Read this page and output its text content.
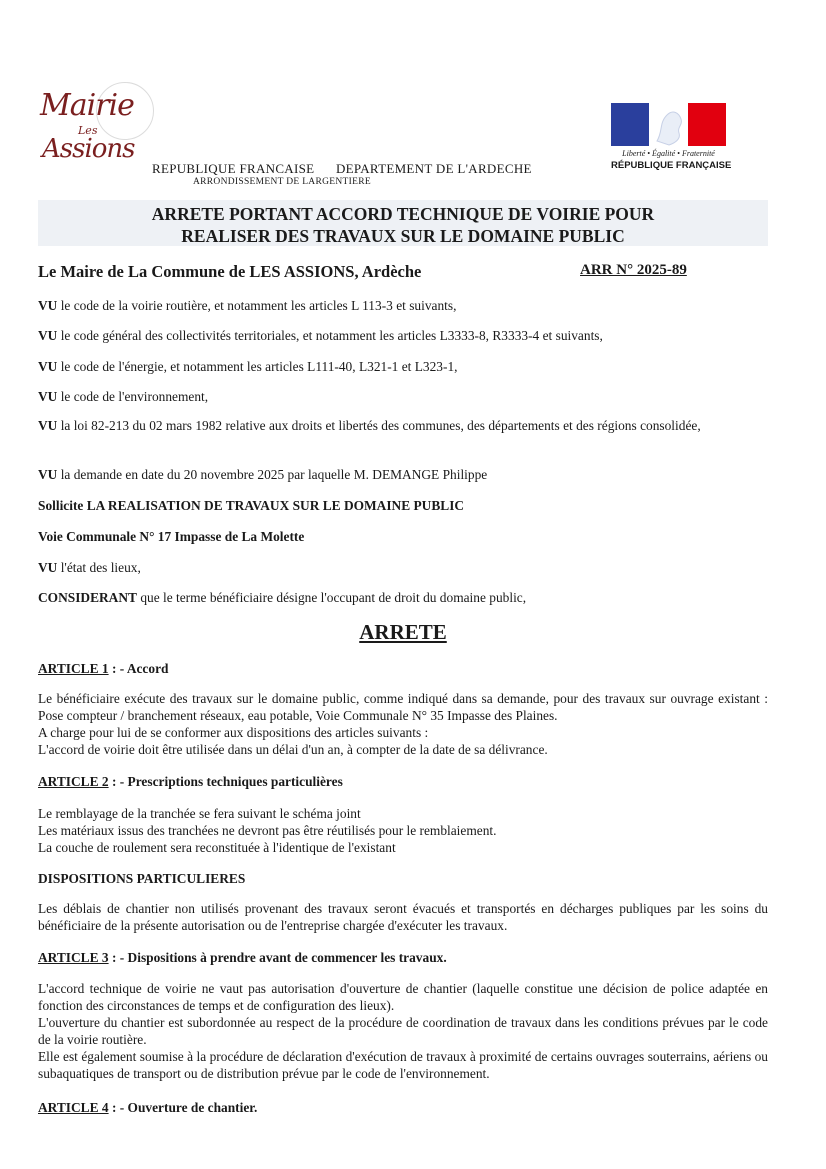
Mairie
Les
Assions
REPUBLIQUE FRANCAISE DEPARTEMENT DE L'ARDECHE
ARRONDISSEMENT DE LARGENTIERE
Liberté • Égalité • Fraternité
RÉPUBLIQUE FRANÇAISE
ARRETE PORTANT ACCORD TECHNIQUE DE VOIRIE POUR
REALISER DES TRAVAUX SUR LE DOMAINE PUBLIC
Le Maire de La Commune de LES ASSIONS, Ardèche	ARR N° 2025-89
VU le code de la voirie routière, et notamment les articles L 113-3 et suivants,
VU le code général des collectivités territoriales, et notamment les articles L3333-8, R3333-4 et suivants,
VU le code de l'énergie, et notamment les articles L111-40, L321-1 et L323-1,
VU le code de l'environnement,
VU la loi 82-213 du 02 mars 1982 relative aux droits et libertés des communes, des départements et des régions consolidée,
VU la demande en date du 20 novembre 2025 par laquelle M. DEMANGE Philippe
Sollicite LA REALISATION DE TRAVAUX SUR LE DOMAINE PUBLIC
Voie Communale N° 17 Impasse de La Molette
VU l'état des lieux,
CONSIDERANT que le terme bénéficiaire désigne l'occupant de droit du domaine public,
ARRETE
ARTICLE 1 : - Accord
Le bénéficiaire exécute des travaux sur le domaine public, comme indiqué dans sa demande, pour des travaux sur ouvrage existant : Pose compteur / branchement réseaux, eau potable, Voie Communale N° 35 Impasse des Plaines.
A charge pour lui de se conformer aux dispositions des articles suivants :
L'accord de voirie doit être utilisée dans un délai d'un an, à compter de la date de sa délivrance.
ARTICLE 2 : - Prescriptions techniques particulières
Le remblayage de la tranchée se fera suivant le schéma joint
Les matériaux issus des tranchées ne devront pas être réutilisés pour le remblaiement.
La couche de roulement sera reconstituée à l'identique de l'existant
DISPOSITIONS PARTICULIERES
Les déblais de chantier non utilisés provenant des travaux seront évacués et transportés en décharges publiques par les soins du bénéficiaire de la présente autorisation ou de l'entreprise chargée d'exécuter les travaux.
ARTICLE 3 : - Dispositions à prendre avant de commencer les travaux.
L'accord technique de voirie ne vaut pas autorisation d'ouverture de chantier (laquelle constitue une décision de police adaptée en fonction des circonstances de temps et de configuration des lieux).
L'ouverture du chantier est subordonnée au respect de la procédure de coordination de travaux dans les conditions prévues par le code de la voirie routière.
Elle est également soumise à la procédure de déclaration d'exécution de travaux à proximité de certains ouvrages souterrains, aériens ou subaquatiques de transport ou de distribution prévue par le code de l'environnement.
ARTICLE 4 : - Ouverture de chantier.
